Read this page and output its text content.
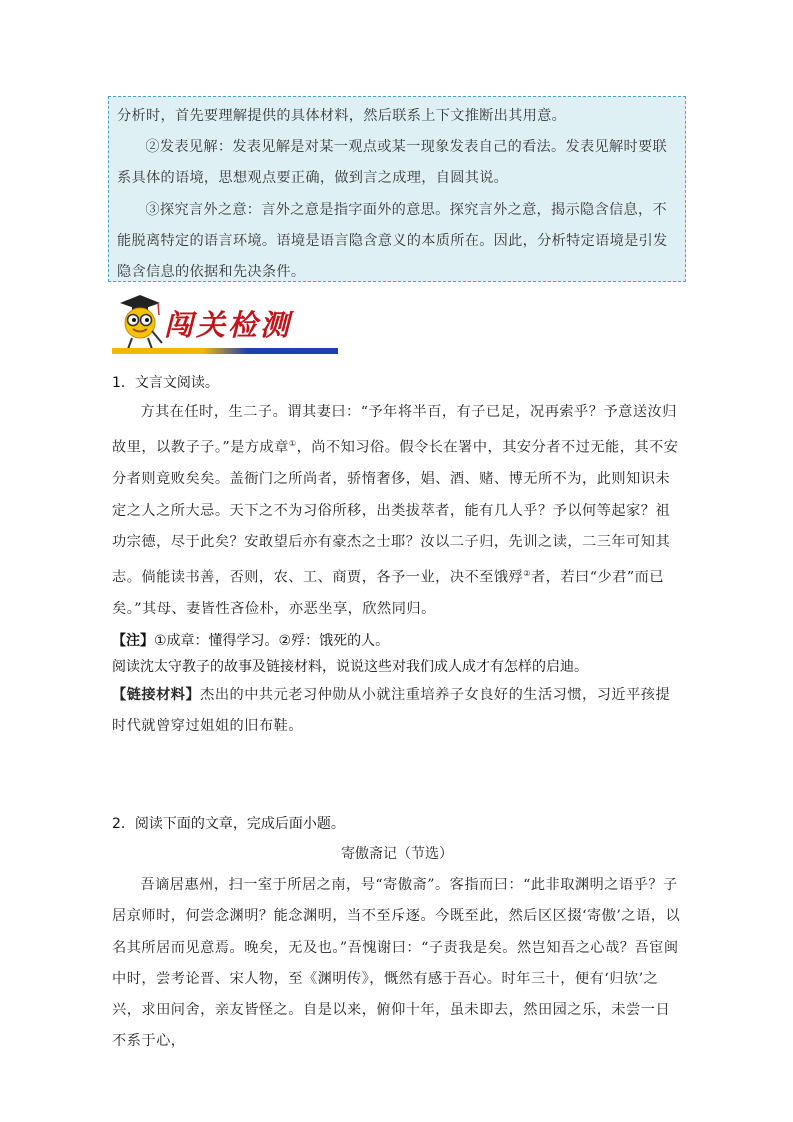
分析时，首先要理解提供的具体材料，然后联系上下文推断出其用意。

②发表见解：发表见解是对某一观点或某一现象发表自己的看法。发表见解时要联系具体的语境，思想观点要正确，做到言之成理，自圆其说。

③探究言外之意：言外之意是指字面外的意思。探究言外之意，揭示隐含信息，不能脱离特定的语言环境。语境是语言隐含意义的本质所在。因此，分析特定语境是引发隐含信息的依据和先决条件。

闯关检测

1．文言文阅读。

方其在任时，生二子。谓其妻曰：“予年将半百，有子已足，况再索乎？予意送汝归故里，以教子子。”是方成章①，尚不知习俗。假令长在署中，其安分者不过无能，其不安分者则竟败矣矣。盖衙门之所尚者，骄惰奢侈，娼、酒、赌、博无所不为，此则知识未定之人之所大忌。天下之不为习俗所移，出类拔萃者，能有几人乎？予以何等起家？祖功宗德，尽于此矣？安敢望后亦有豪杰之士耶？汝以二子归，先训之读，二三年可知其志。倘能读书善，否则，农、工、商贾，各予一业，决不至饿殍②者，若曰“少君”而已矣。”其母、妻皆性吝俭朴，亦恶坐享，欣然同归。

【注】①成章：懂得学习。②殍：饿死的人。

阅读沈太守教子的故事及链接材料，说说这些对我们成人成才有怎样的启迪。

【链接材料】杰出的中共元老习仲勋从小就注重培养子女良好的生活习惯，习近平孩提时代就曾穿过姐姐的旧布鞋。

2．阅读下面的文章，完成后面小题。

寄傲斋记（节选）

吾谪居惠州，扫一室于所居之南，号“寄傲斋”。客指而曰：“此非取渊明之语乎？子居京师时，何尝念渊明？能念渊明，当不至斥逐。今既至此，然后区区掇‘寄傲’之语，以名其所居而见意焉。晚矣，无及也。”吾愧谢曰：“子责我是矣。然岂知吾之心哉？吾宦闽中时，尝考论晋、宋人物，至《渊明传》，慨然有感于吾心。时年三十，便有‘归欤’之兴，求田问舍，亲友皆怪之。自是以来，俯仰十年，虽未即去，然田园之乐，未尝一日不系于心，
